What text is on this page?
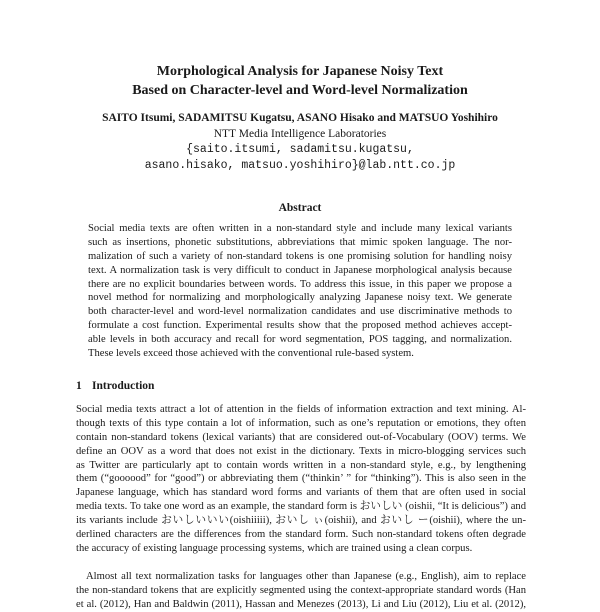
Morphological Analysis for Japanese Noisy Text
Based on Character-level and Word-level Normalization
SAITO Itsumi, SADAMITSU Kugatsu, ASANO Hisako and MATSUO Yoshihiro
NTT Media Intelligence Laboratories
{saito.itsumi, sadamitsu.kugatsu,
asano.hisako, matsuo.yoshihiro}@lab.ntt.co.jp
Abstract
Social media texts are often written in a non-standard style and include many lexical variants
such as insertions, phonetic substitutions, abbreviations that mimic spoken language. The nor-
malization of such a variety of non-standard tokens is one promising solution for handling noisy
text. A normalization task is very difficult to conduct in Japanese morphological analysis because
there are no explicit boundaries between words. To address this issue, in this paper we propose a
novel method for normalizing and morphologically analyzing Japanese noisy text. We generate
both character-level and word-level normalization candidates and use discriminative methods to
formulate a cost function. Experimental results show that the proposed method achieves accept-
able levels in both accuracy and recall for word segmentation, POS tagging, and normalization.
These levels exceed those achieved with the conventional rule-based system.
1 Introduction
Social media texts attract a lot of attention in the fields of information extraction and text mining. Al-
though texts of this type contain a lot of information, such as one’s reputation or emotions, they often
contain non-standard tokens (lexical variants) that are considered out-of-Vocabulary (OOV) terms. We
define an OOV as a word that does not exist in the dictionary. Texts in micro-blogging services such
as Twitter are particularly apt to contain words written in a non-standard style, e.g., by lengthening
them (“goooood” for “good”) or abbreviating them (“thinkin’ ” for “thinking”). This is also seen in the
Japanese language, which has standard word forms and variants of them that are often used in social
media texts. To take one word as an example, the standard form is おいしい (oishii, “It is delicious”) and
its variants include おいしいいい(oishiiiii), おいし ぃ(oishii), and おいし ー(oishii), where the un-
derlined characters are the differences from the standard form. Such non-standard tokens often degrade
the accuracy of existing language processing systems, which are trained using a clean corpus.
Almost all text normalization tasks for languages other than Japanese (e.g., English), aim to replace
the non-standard tokens that are explicitly segmented using the context-appropriate standard words (Han
et al. (2012), Han and Baldwin (2011), Hassan and Menezes (2013), Li and Liu (2012), Liu et al. (2012),
